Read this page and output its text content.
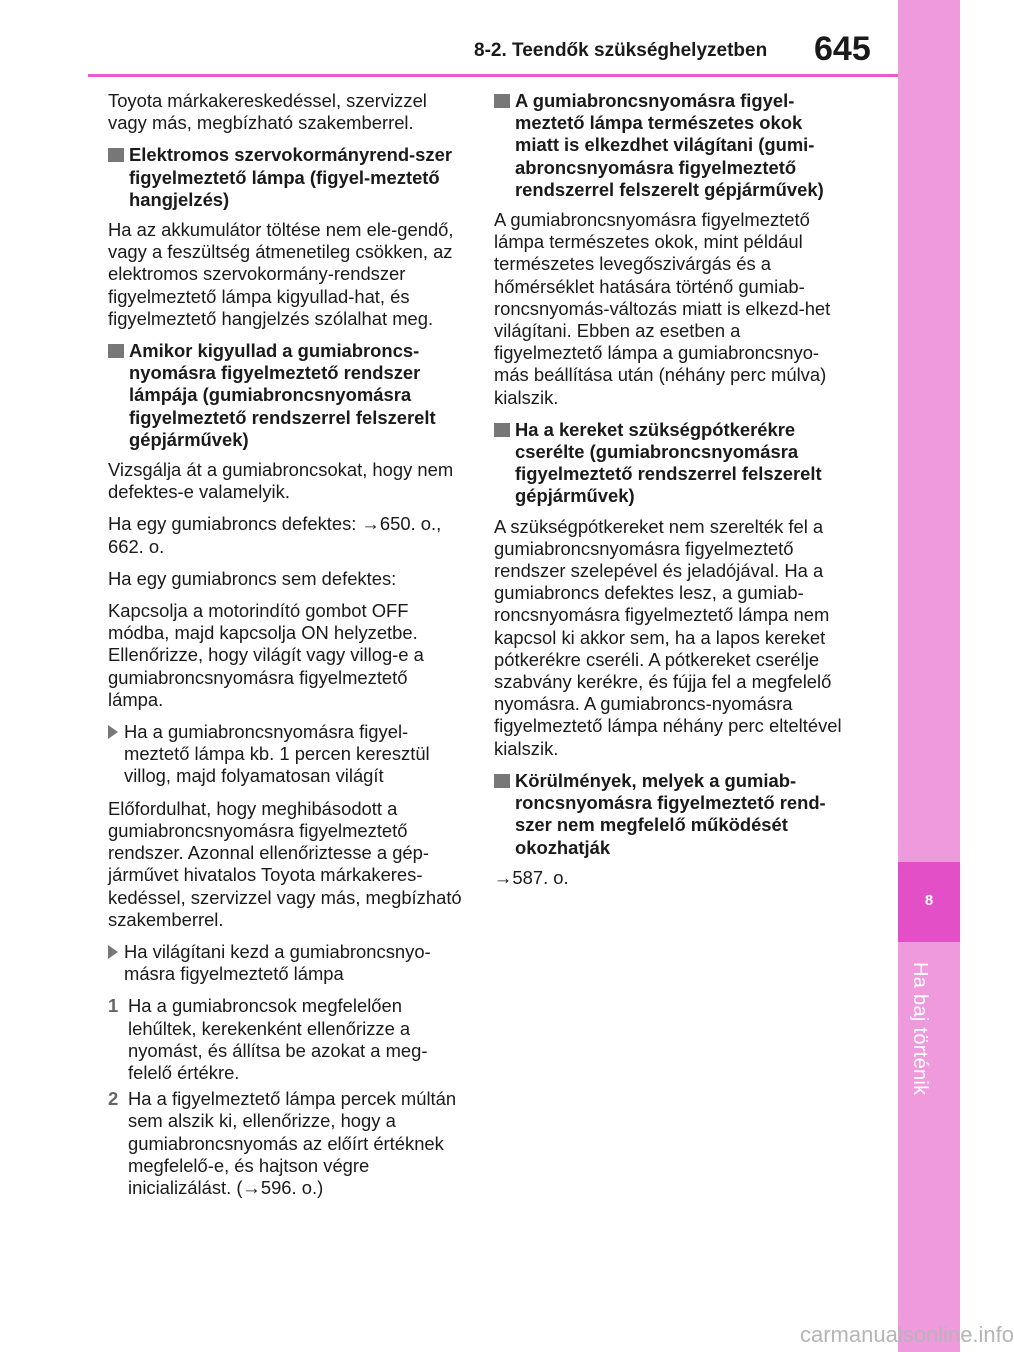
8-2. Teendők szükséghelyzetben 645
8
Ha baj történik

Toyota márkakereskedéssel, szervizzel vagy más, megbízható szakemberrel.

Elektromos szervokormányrend-szer figyelmeztető lámpa (figyel-meztető hangjelzés)

Ha az akkumulátor töltése nem ele-gendő, vagy a feszültség átmenetileg csökken, az elektromos szervokormány-rendszer figyelmeztető lámpa kigyullad-hat, és figyelmeztető hangjelzés szólalhat meg.

Amikor kigyullad a gumiabroncs-nyomásra figyelmeztető rendszer lámpája (gumiabroncsnyomásra figyelmeztető rendszerrel felszerelt gépjárművek)

Vizsgálja át a gumiabroncsokat, hogy nem defektes-e valamelyik.

Ha egy gumiabroncs defektes: →650. o., 662. o.

Ha egy gumiabroncs sem defektes:

Kapcsolja a motorindító gombot OFF módba, majd kapcsolja ON helyzetbe. Ellenőrizze, hogy világít vagy villog-e a gumiabroncsnyomásra figyelmeztető lámpa.

Ha a gumiabroncsnyomásra figyel-meztető lámpa kb. 1 percen keresztül villog, majd folyamatosan világít

Előfordulhat, hogy meghibásodott a gumiabroncsnyomásra figyelmeztető rendszer. Azonnal ellenőriztesse a gép-járművet hivatalos Toyota márkakeres-kedéssel, szervizzel vagy más, megbízható szakemberrel.

Ha világítani kezd a gumiabroncsnyo-másra figyelmeztető lámpa
1 Ha a gumiabroncsok megfelelően lehűltek, kerekenként ellenőrizze a nyomást, és állítsa be azokat a meg-felelő értékre.
2 Ha a figyelmeztető lámpa percek múltán sem alszik ki, ellenőrizze, hogy a gumiabroncsnyomás az előírt értéknek megfelelő-e, és hajtson végre inicializálást. (→596. o.)
A gumiabroncsnyomásra figyel-meztető lámpa természetes okok miatt is elkezdhet világítani (gumi-abroncsnyomásra figyelmeztető rendszerrel felszerelt gépjárművek)

A gumiabroncsnyomásra figyelmeztető lámpa természetes okok, mint például természetes levegőszivárgás és a hőmérséklet hatására történő gumiab-roncsnyomás-változás miatt is elkezd-het világítani. Ebben az esetben a figyelmeztető lámpa a gumiabroncsnyo-más beállítása után (néhány perc múlva) kialszik.

Ha a kereket szükségpótkerékre cserélte (gumiabroncsnyomásra figyelmeztető rendszerrel felszerelt gépjárművek)

A szükségpótkereket nem szerelték fel a gumiabroncsnyomásra figyelmeztető rendszer szelepével és jeladójával. Ha a gumiabroncs defektes lesz, a gumiab-roncsnyomásra figyelmeztető lámpa nem kapcsol ki akkor sem, ha a lapos kereket pótkerékre cseréli. A pótkereket cserélje szabvány kerékre, és fújja fel a megfelelő nyomásra. A gumiabroncs-nyomásra figyelmeztető lámpa néhány perc elteltével kialszik.

Körülmények, melyek a gumiab-roncsnyomásra figyelmeztető rend-szer nem megfelelő működését okozhatják

→587. o.

carmanualsonline.info
